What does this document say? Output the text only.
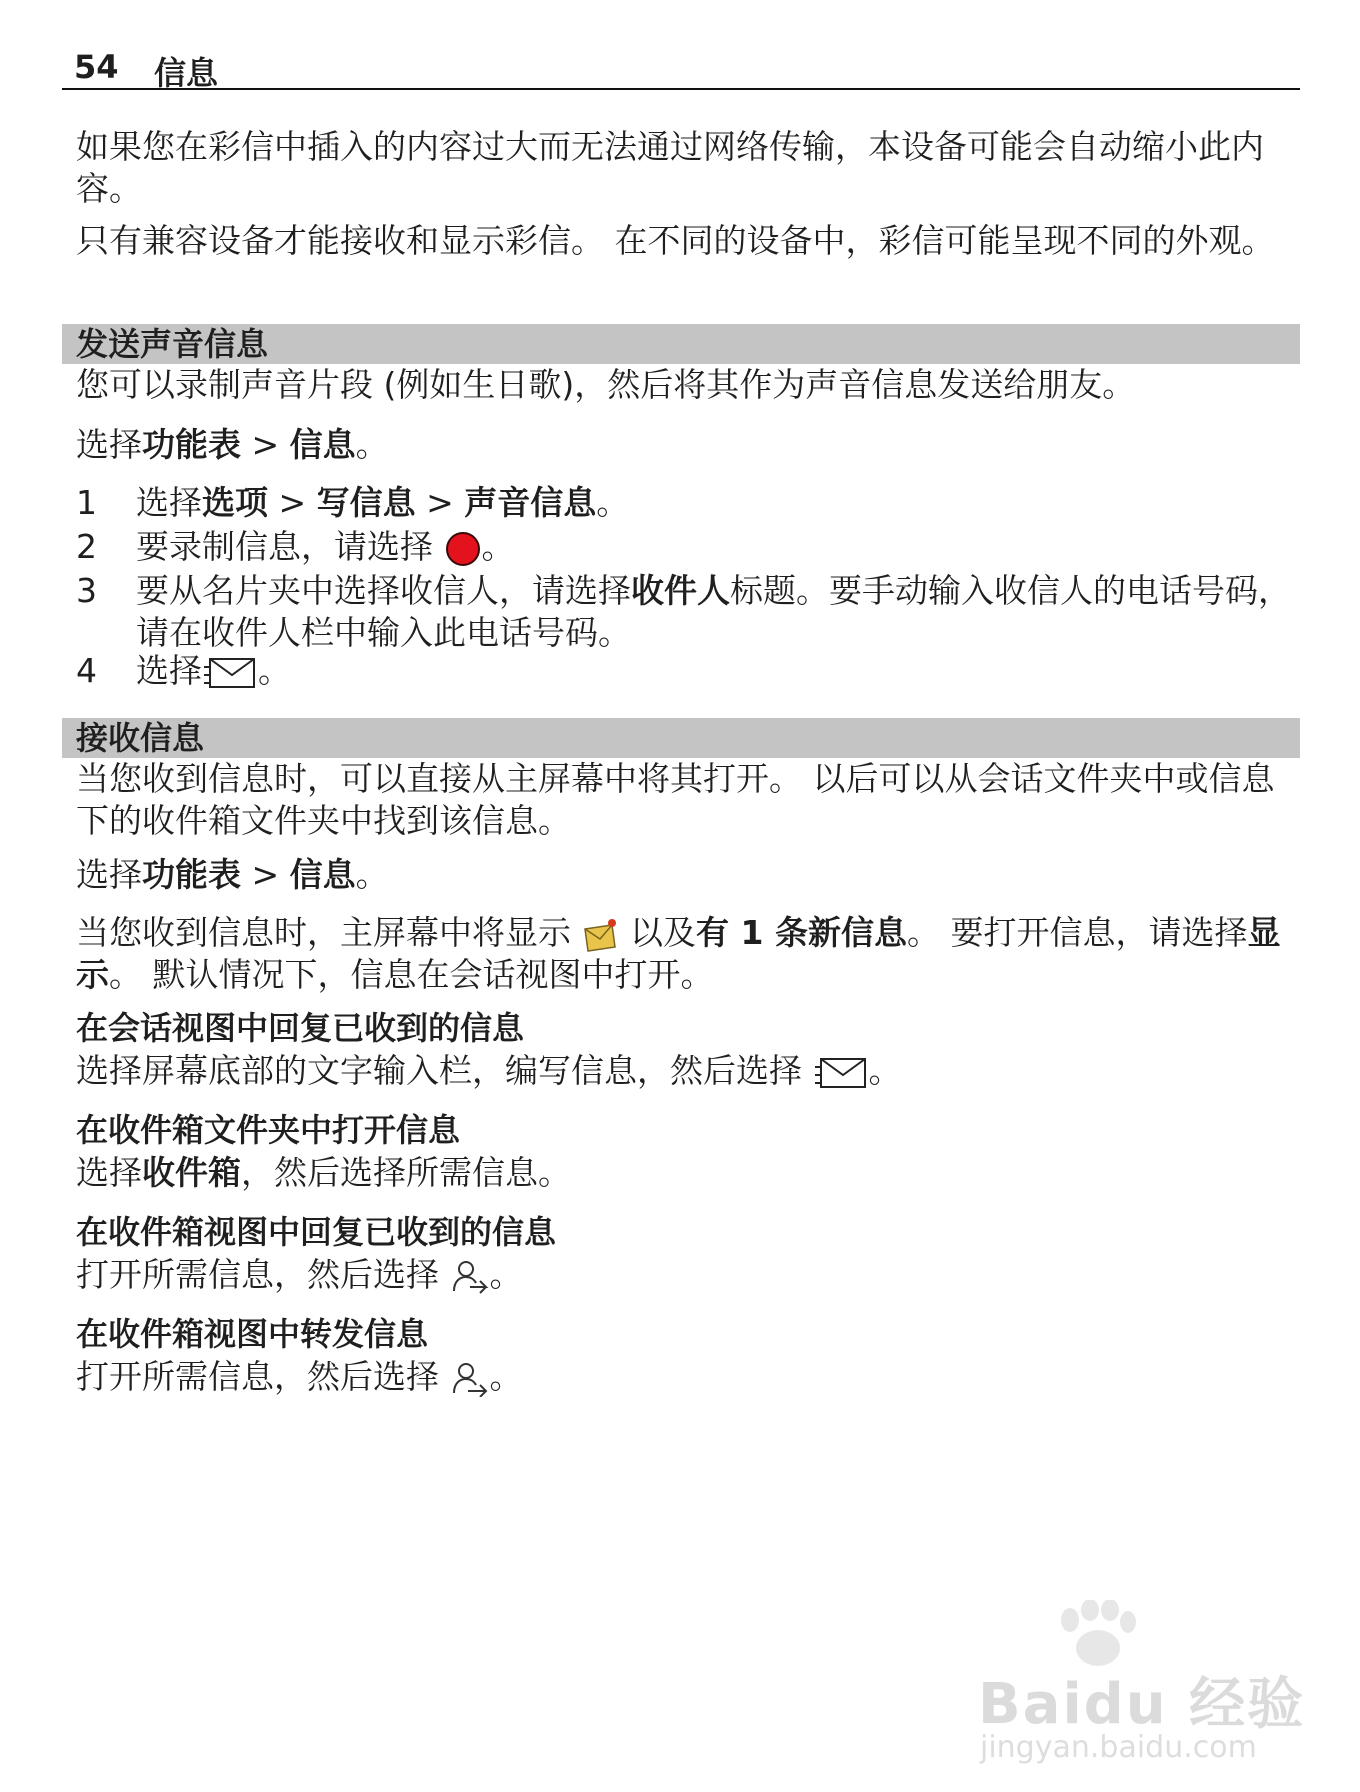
54 信息

如果您在彩信中插入的内容过大而无法通过网络传输，本设备可能会自动缩小此内容。

只有兼容设备才能接收和显示彩信。 在不同的设备中，彩信可能呈现不同的外观。

发送声音信息

您可以录制声音片段 (例如生日歌)，然后将其作为声音信息发送给朋友。

选择功能表 > 信息。

1	选择选项 > 写信息 > 声音信息。
2	要录制信息，请选择 。
3	要从名片夹中选择收信人，请选择收件人标题。要手动输入收信人的电话号码，请在收件人栏中输入此电话号码。
4	选择 。
接收信息

当您收到信息时，可以直接从主屏幕中将其打开。 以后可以从会话文件夹中或信息下的收件箱文件夹中找到该信息。

选择功能表 > 信息。

当您收到信息时，主屏幕中将显示  以及有 1 条新信息。 要打开信息，请选择显示。 默认情况下，信息在会话视图中打开。

在会话视图中回复已收到的信息

选择屏幕底部的文字输入栏，编写信息，然后选择 。

在收件箱文件夹中打开信息

选择收件箱，然后选择所需信息。

在收件箱视图中回复已收到的信息

打开所需信息，然后选择 。

在收件箱视图中转发信息

打开所需信息，然后选择 。

Baidu 经验
jingyan.baidu.com
